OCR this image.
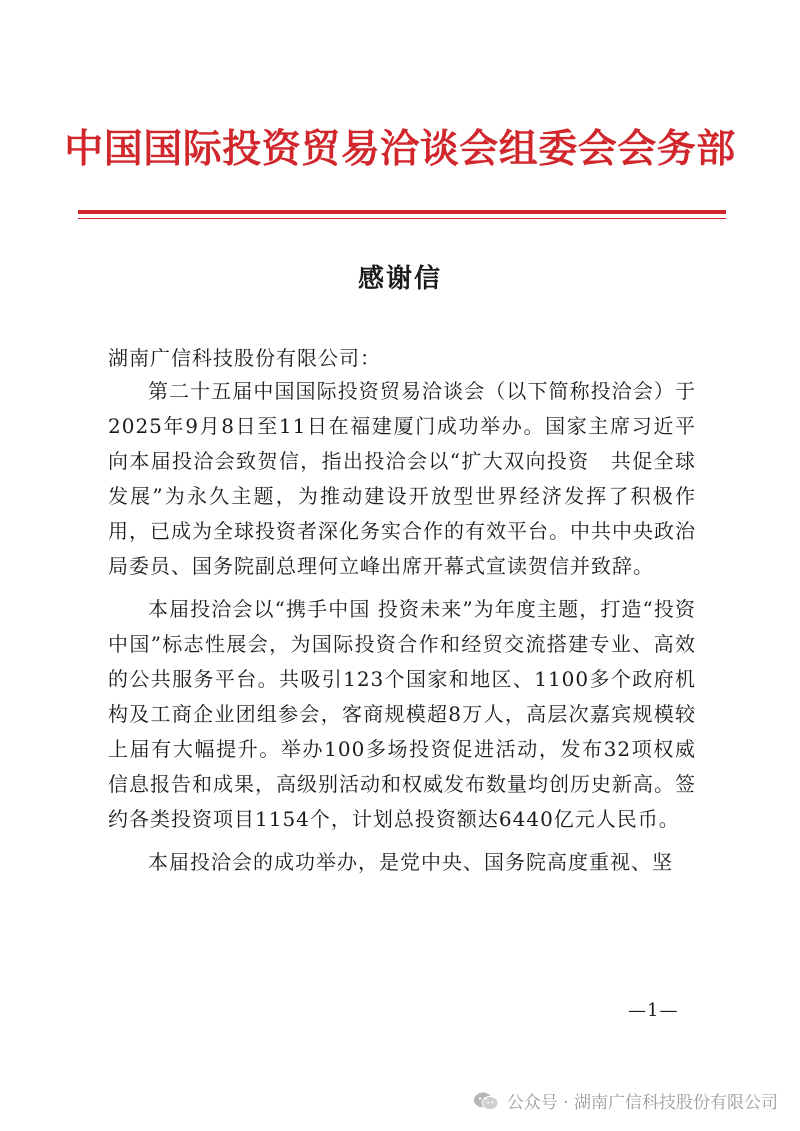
中国国际投资贸易洽谈会组委会会务部
感谢信
湖南广信科技股份有限公司：

第二十五届中国国际投资贸易洽谈会（以下简称投洽会）于2025年9月8日至11日在福建厦门成功举办。国家主席习近平向本届投洽会致贺信，指出投洽会以“扩大双向投资　共促全球发展”为永久主题，为推动建设开放型世界经济发挥了积极作用，已成为全球投资者深化务实合作的有效平台。中共中央政治局委员、国务院副总理何立峰出席开幕式宣读贺信并致辞。

本届投洽会以“携手中国 投资未来”为年度主题，打造“投资中国”标志性展会，为国际投资合作和经贸交流搭建专业、高效的公共服务平台。共吸引123个国家和地区、1100多个政府机构及工商企业团组参会，客商规模超8万人，高层次嘉宾规模较上届有大幅提升。举办100多场投资促进活动，发布32项权威信息报告和成果，高级别活动和权威发布数量均创历史新高。签约各类投资项目1154个，计划总投资额达6440亿元人民币。

本届投洽会的成功举办，是党中央、国务院高度重视、坚

—1—
公众号 · 湖南广信科技股份有限公司
